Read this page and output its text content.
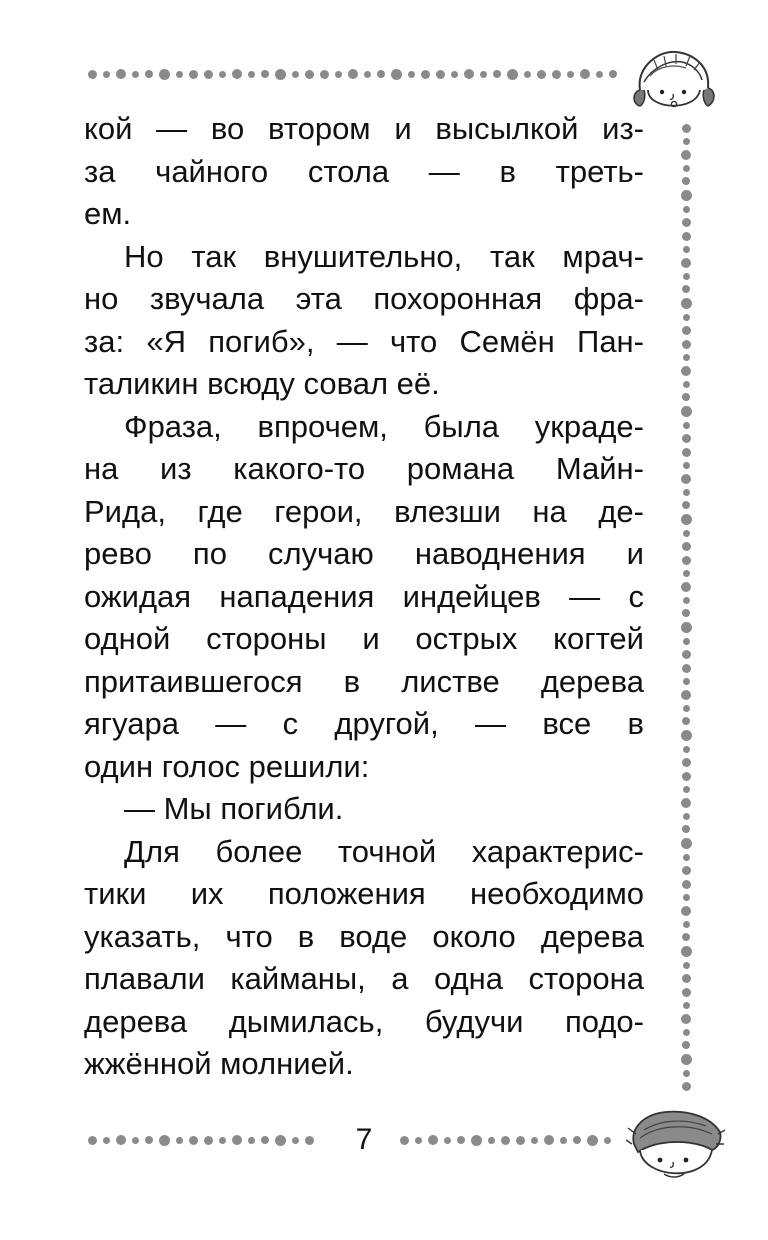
кой — во втором и высылкой из-
за чайного стола — в треть-
ем.
Но так внушительно, так мрач-
но звучала эта похоронная фра-
за: «Я погиб», — что Семён Пан-
таликин всюду совал её.
Фраза, впрочем, была украде-
на из какого-то романа Майн-
Рида, где герои, влезши на де-
рево по случаю наводнения и
ожидая нападения индейцев — с
одной стороны и острых когтей
притаившегося в листве дерева
ягуара — с другой, — все в
один голос решили:
— Мы погибли.
Для более точной характерис-
тики их положения необходимо
указать, что в воде около дерева
плавали кайманы, а одна сторона
дерева дымилась, будучи подо-
жжённой молнией.
7
